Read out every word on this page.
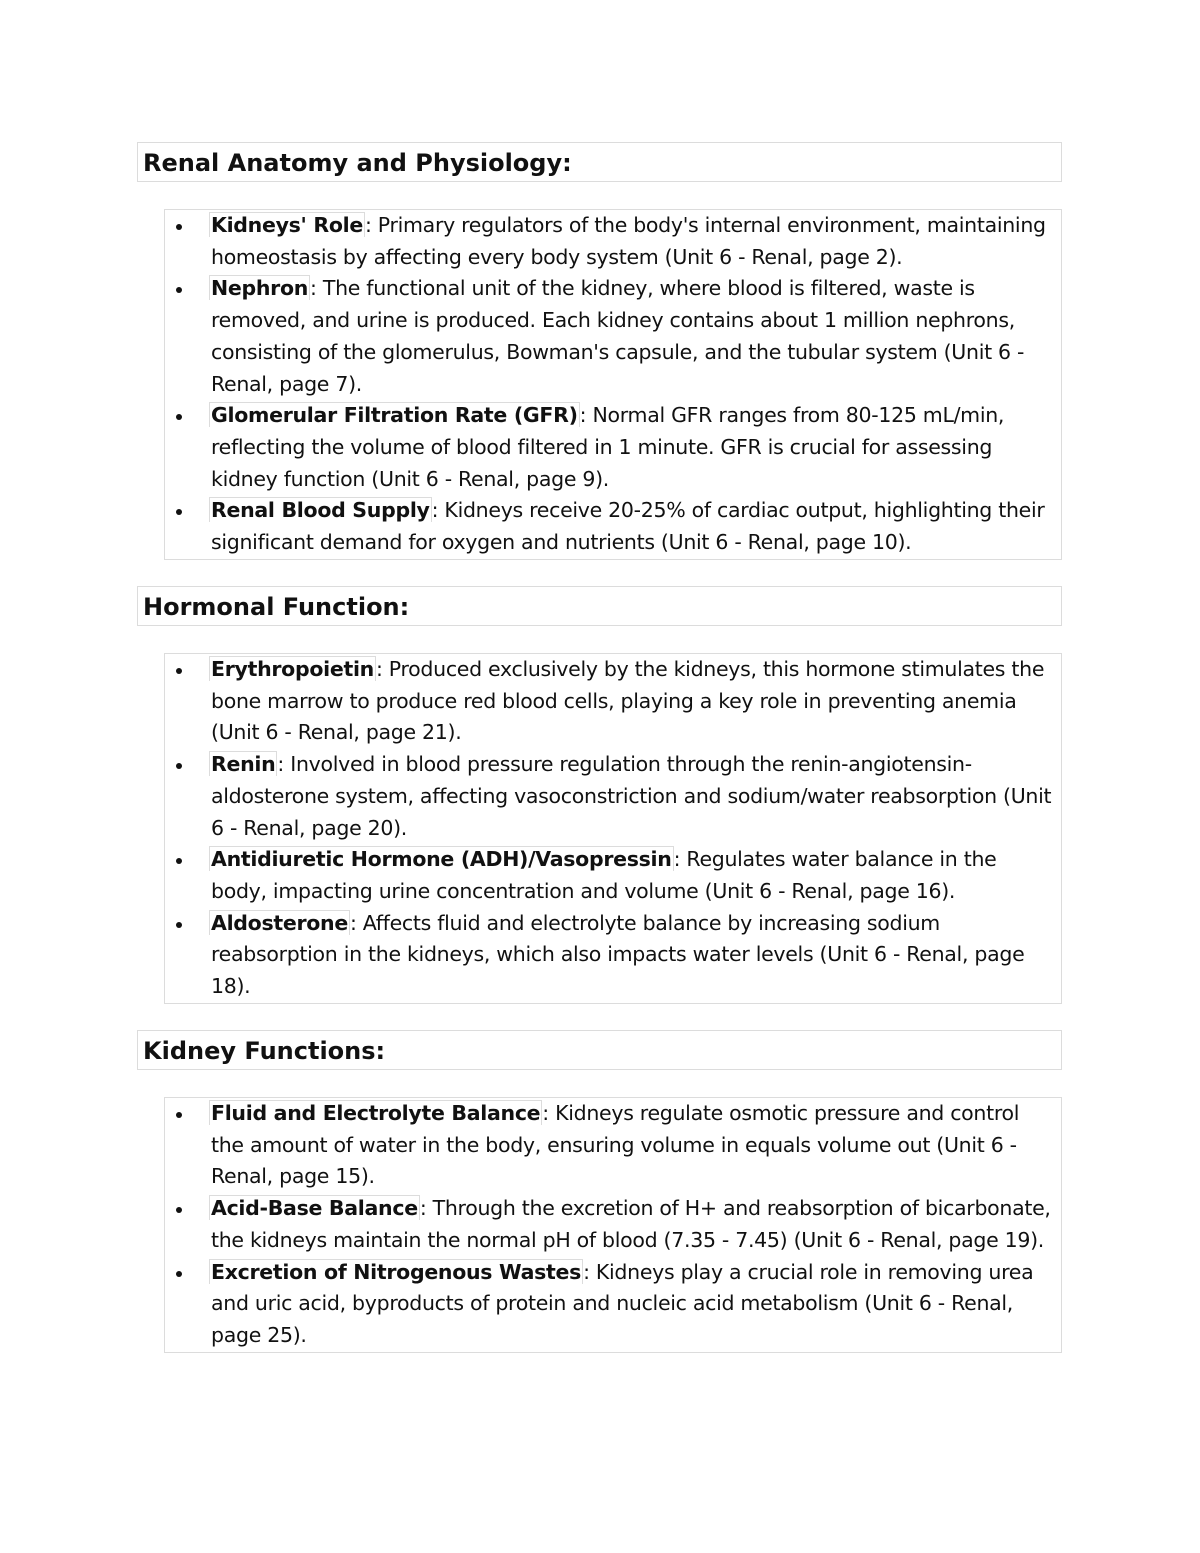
Renal Anatomy and Physiology:
Kidneys' Role: Primary regulators of the body's internal environment, maintaining homeostasis by affecting every body system (Unit 6 - Renal, page 2).
Nephron: The functional unit of the kidney, where blood is filtered, waste is removed, and urine is produced. Each kidney contains about 1 million nephrons, consisting of the glomerulus, Bowman's capsule, and the tubular system (Unit 6 - Renal, page 7).
Glomerular Filtration Rate (GFR): Normal GFR ranges from 80-125 mL/min, reflecting the volume of blood filtered in 1 minute. GFR is crucial for assessing kidney function (Unit 6 - Renal, page 9).
Renal Blood Supply: Kidneys receive 20-25% of cardiac output, highlighting their significant demand for oxygen and nutrients (Unit 6 - Renal, page 10).
Hormonal Function:
Erythropoietin: Produced exclusively by the kidneys, this hormone stimulates the bone marrow to produce red blood cells, playing a key role in preventing anemia (Unit 6 - Renal, page 21).
Renin: Involved in blood pressure regulation through the renin-angiotensin-aldosterone system, affecting vasoconstriction and sodium/water reabsorption (Unit 6 - Renal, page 20).
Antidiuretic Hormone (ADH)/Vasopressin: Regulates water balance in the body, impacting urine concentration and volume (Unit 6 - Renal, page 16).
Aldosterone: Affects fluid and electrolyte balance by increasing sodium reabsorption in the kidneys, which also impacts water levels (Unit 6 - Renal, page 18).
Kidney Functions:
Fluid and Electrolyte Balance: Kidneys regulate osmotic pressure and control the amount of water in the body, ensuring volume in equals volume out (Unit 6 - Renal, page 15).
Acid-Base Balance: Through the excretion of H+ and reabsorption of bicarbonate, the kidneys maintain the normal pH of blood (7.35 - 7.45) (Unit 6 - Renal, page 19).
Excretion of Nitrogenous Wastes: Kidneys play a crucial role in removing urea and uric acid, byproducts of protein and nucleic acid metabolism (Unit 6 - Renal, page 25).
